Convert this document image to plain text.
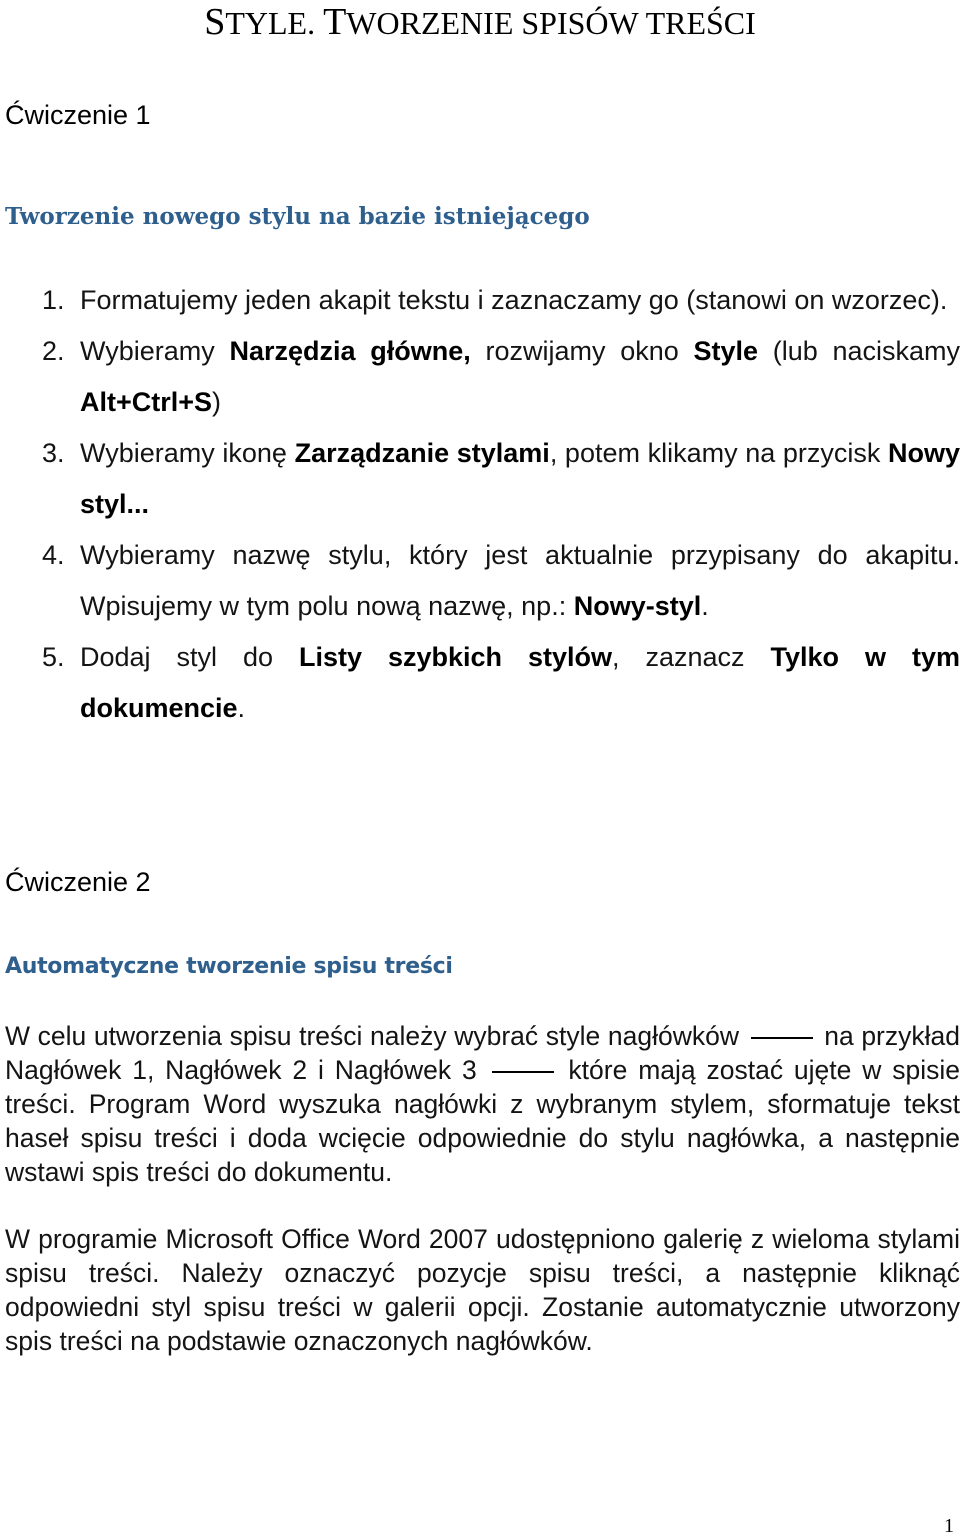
STYLE. TWORZENIE SPISÓW TREŚCI
Ćwiczenie 1
Tworzenie nowego stylu na bazie istniejącego
1. Formatujemy jeden akapit tekstu i zaznaczamy go (stanowi on wzorzec).
2. Wybieramy Narzędzia główne, rozwijamy okno Style (lub naciskamy Alt+Ctrl+S)
3. Wybieramy ikonę Zarządzanie stylami, potem klikamy na przycisk Nowy styl...
4. Wybieramy nazwę stylu, który jest aktualnie przypisany do akapitu. Wpisujemy w tym polu nową nazwę, np.: Nowy-styl.
5. Dodaj styl do Listy szybkich stylów, zaznacz Tylko w tym dokumencie.
Ćwiczenie 2
Automatyczne tworzenie spisu treści
W celu utworzenia spisu treści należy wybrać style nagłówków	na przykład Nagłówek 1, Nagłówek 2 i Nagłówek 3	które mają zostać ujęte w spisie treści. Program Word wyszuka nagłówki z wybranym stylem, sformatuje tekst haseł spisu treści i doda wcięcie odpowiednie do stylu nagłówka, a następnie wstawi spis treści do dokumentu.
W programie Microsoft Office Word 2007 udostępniono galerię z wieloma stylami spisu treści. Należy oznaczyć pozycje spisu treści, a następnie kliknąć odpowiedni styl spisu treści w galerii opcji. Zostanie automatycznie utworzony spis treści na podstawie oznaczonych nagłówków.
1
